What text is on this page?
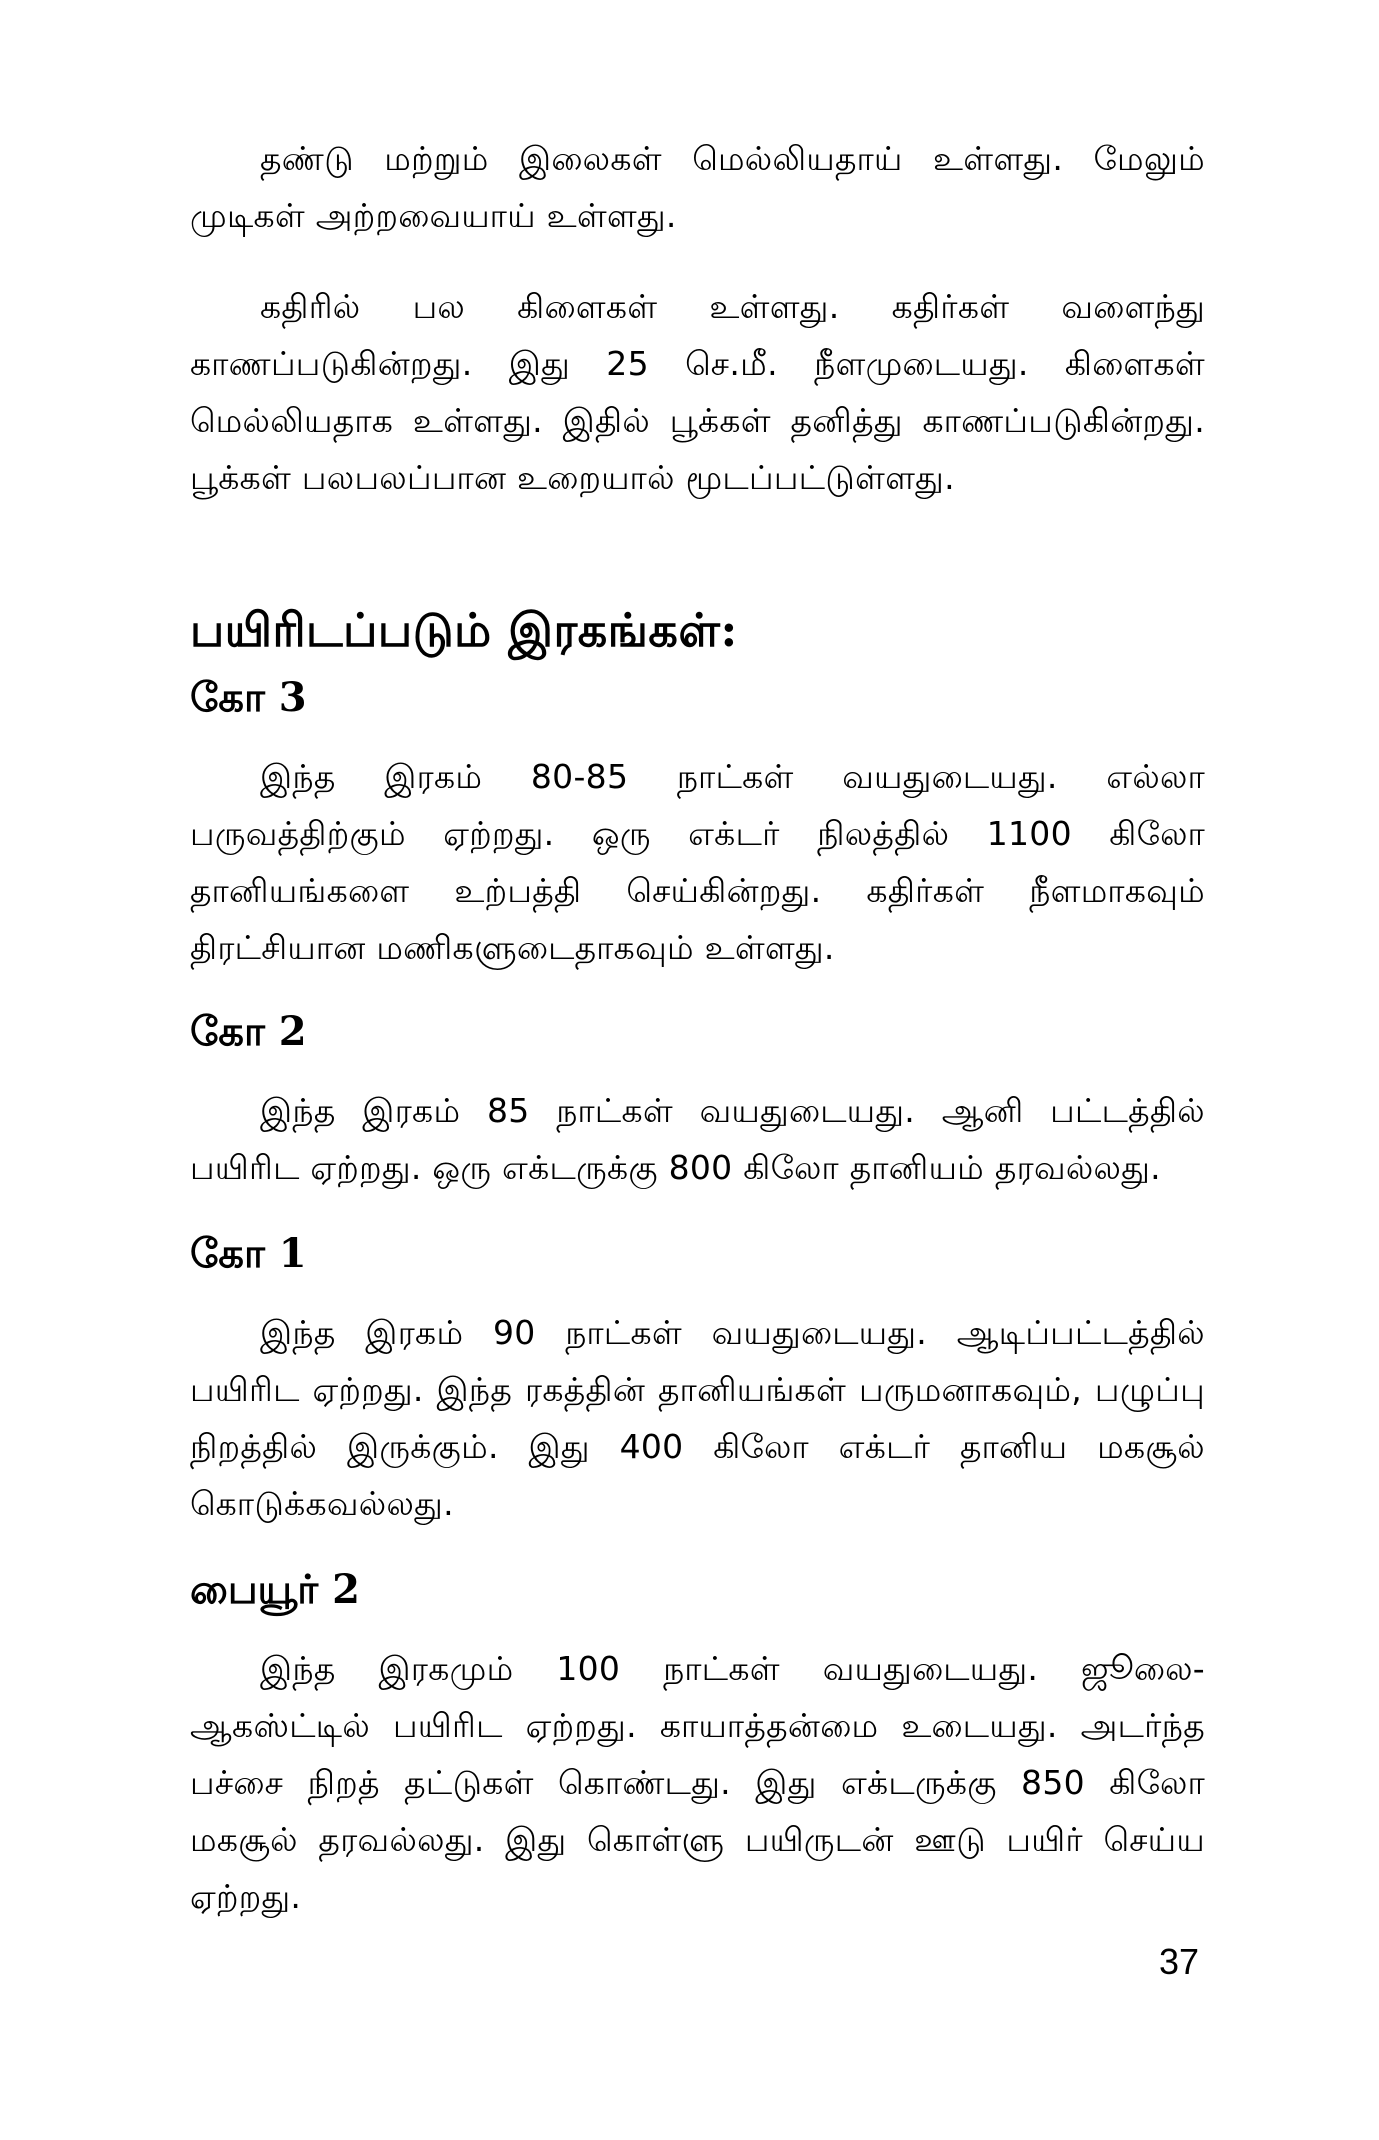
தண்டு மற்றும் இலைகள் மெல்லியதாய் உள்ளது. மேலும் முடிகள் அற்றவையாய் உள்ளது.

கதிரில் பல கிளைகள் உள்ளது. கதிர்கள் வளைந்து காணப்படுகின்றது. இது 25 செ.மீ. நீளமுடையது. கிளைகள் மெல்லியதாக உள்ளது. இதில் பூக்கள் தனித்து காணப்படுகின்றது. பூக்கள் பலபலப்பான உறையால் மூடப்பட்டுள்ளது.

பயிரிடப்படும் இரகங்கள்:
கோ 3

இந்த இரகம் 80-85 நாட்கள் வயதுடையது. எல்லா பருவத்திற்கும் ஏற்றது. ஒரு எக்டர் நிலத்தில் 1100 கிலோ தானியங்களை உற்பத்தி செய்கின்றது. கதிர்கள் நீளமாகவும் திரட்சியான மணிகளுடைதாகவும் உள்ளது.

கோ 2

இந்த இரகம் 85 நாட்கள் வயதுடையது. ஆனி பட்டத்தில் பயிரிட ஏற்றது. ஒரு எக்டருக்கு 800 கிலோ தானியம் தரவல்லது.

கோ 1

இந்த இரகம் 90 நாட்கள் வயதுடையது. ஆடிப்பட்டத்தில் பயிரிட ஏற்றது. இந்த ரகத்தின் தானியங்கள் பருமனாகவும், பழுப்பு நிறத்தில் இருக்கும். இது 400 கிலோ எக்டர் தானிய மகசூல் கொடுக்கவல்லது.

பையூர் 2

இந்த இரகமும் 100 நாட்கள் வயதுடையது. ஜூலை-ஆகஸ்ட்டில் பயிரிட ஏற்றது. காயாத்தன்மை உடையது. அடர்ந்த பச்சை நிறத் தட்டுகள் கொண்டது. இது எக்டருக்கு 850 கிலோ மகசூல் தரவல்லது. இது கொள்ளு பயிருடன் ஊடு பயிர் செய்ய ஏற்றது.

37
